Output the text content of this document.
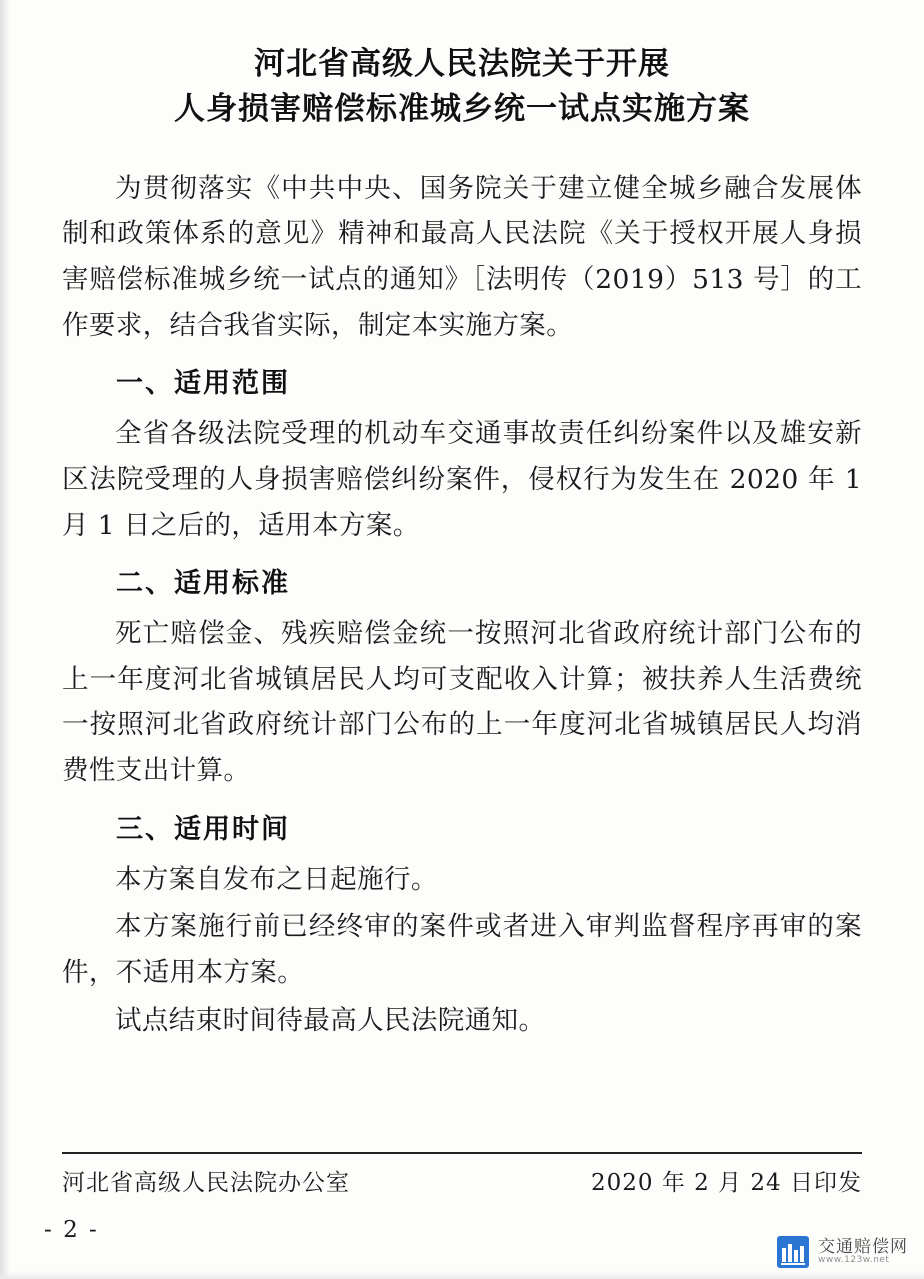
河北省高级人民法院关于开展
人身损害赔偿标准城乡统一试点实施方案

为贯彻落实《中共中央、国务院关于建立健全城乡融合发展体制和政策体系的意见》精神和最高人民法院《关于授权开展人身损害赔偿标准城乡统一试点的通知》［法明传（2019）513 号］的工作要求，结合我省实际，制定本实施方案。

一、适用范围

全省各级法院受理的机动车交通事故责任纠纷案件以及雄安新区法院受理的人身损害赔偿纠纷案件，侵权行为发生在 2020 年 1 月 1 日之后的，适用本方案。

二、适用标准

死亡赔偿金、残疾赔偿金统一按照河北省政府统计部门公布的上一年度河北省城镇居民人均可支配收入计算；被扶养人生活费统一按照河北省政府统计部门公布的上一年度河北省城镇居民人均消费性支出计算。

三、适用时间

本方案自发布之日起施行。

本方案施行前已经终审的案件或者进入审判监督程序再审的案件，不适用本方案。

试点结束时间待最高人民法院通知。

河北省高级人民法院办公室	2020 年 2 月 24 日印发
- 2 -
交通赔偿网
www.123w.net
